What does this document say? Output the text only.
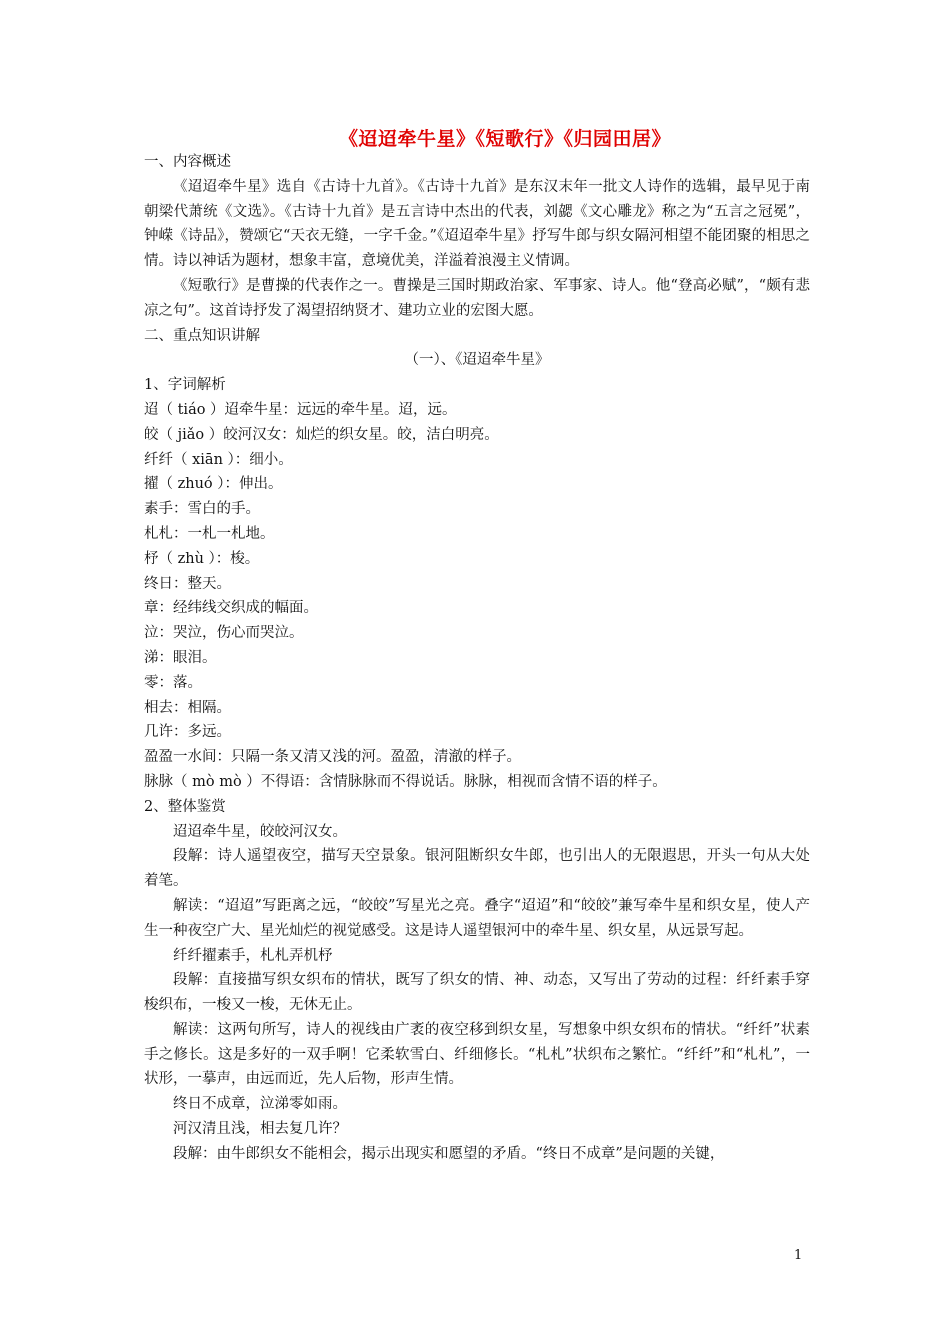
《迢迢牵牛星》《短歌行》《归园田居》

一、内容概述

《迢迢牵牛星》选自《古诗十九首》。《古诗十九首》是东汉末年一批文人诗作的选辑，最早见于南朝梁代萧统《文选》。《古诗十九首》是五言诗中杰出的代表，刘勰《文心雕龙》称之为“五言之冠冕”，钟嵘《诗品》，赞颂它“天衣无缝，一字千金。”《迢迢牵牛星》抒写牛郎与织女隔河相望不能团聚的相思之情。诗以神话为题材，想象丰富，意境优美，洋溢着浪漫主义情调。

《短歌行》是曹操的代表作之一。曹操是三国时期政治家、军事家、诗人。他“登高必赋”，“颇有悲凉之句”。这首诗抒发了渴望招纳贤才、建功立业的宏图大愿。

二、重点知识讲解

（一）、《迢迢牵牛星》

1、字词解析

迢（ tiáo ）迢牵牛星：远远的牵牛星。迢，远。

皎（ jiǎo ）皎河汉女：灿烂的织女星。皎，洁白明亮。

纤纤（ xiān ）：细小。

擢（ zhuó ）：伸出。

素手：雪白的手。

札札：一札一札地。

杼（ zhù ）：梭。

终日：整天。

章：经纬线交织成的幅面。

泣：哭泣，伤心而哭泣。

涕：眼泪。

零：落。

相去：相隔。

几许：多远。

盈盈一水间：只隔一条又清又浅的河。盈盈，清澈的样子。

脉脉（ mò mò ）不得语：含情脉脉而不得说话。脉脉，相视而含情不语的样子。

2、整体鉴赏

迢迢牵牛星，皎皎河汉女。

段解：诗人遥望夜空，描写天空景象。银河阻断织女牛郎，也引出人的无限遐思，开头一句从大处着笔。

解读：“迢迢”写距离之远，“皎皎”写星光之亮。叠字“迢迢”和“皎皎”兼写牵牛星和织女星，使人产生一种夜空广大、星光灿烂的视觉感受。这是诗人遥望银河中的牵牛星、织女星，从远景写起。

纤纤擢素手，札札弄机杼

段解：直接描写织女织布的情状，既写了织女的情、神、动态，又写出了劳动的过程：纤纤素手穿梭织布，一梭又一梭，无休无止。

解读：这两句所写，诗人的视线由广袤的夜空移到织女星，写想象中织女织布的情状。“纤纤”状素手之修长。这是多好的一双手啊！它柔软雪白、纤细修长。“札札”状织布之繁忙。“纤纤”和“札札”，一状形，一摹声，由远而近，先人后物，形声生情。

终日不成章，泣涕零如雨。

河汉清且浅，相去复几许？

段解：由牛郎织女不能相会，揭示出现实和愿望的矛盾。“终日不成章”是问题的关键，

1
